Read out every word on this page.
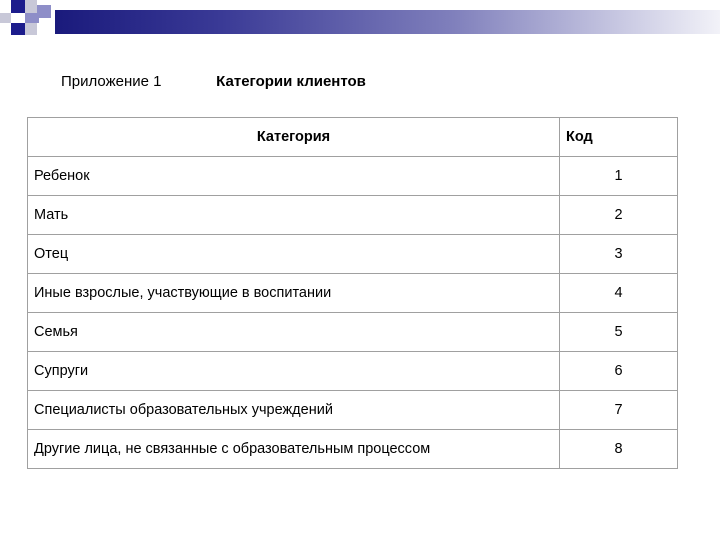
Приложение 1	Категории клиентов
Категория	Код
Ребенок	1
Мать	2
Отец	3
Иные взрослые, участвующие в воспитании	4
Семья	5
Супруги	6
Специалисты образовательных учреждений	7
Другие лица, не связанные с образовательным процессом	8
